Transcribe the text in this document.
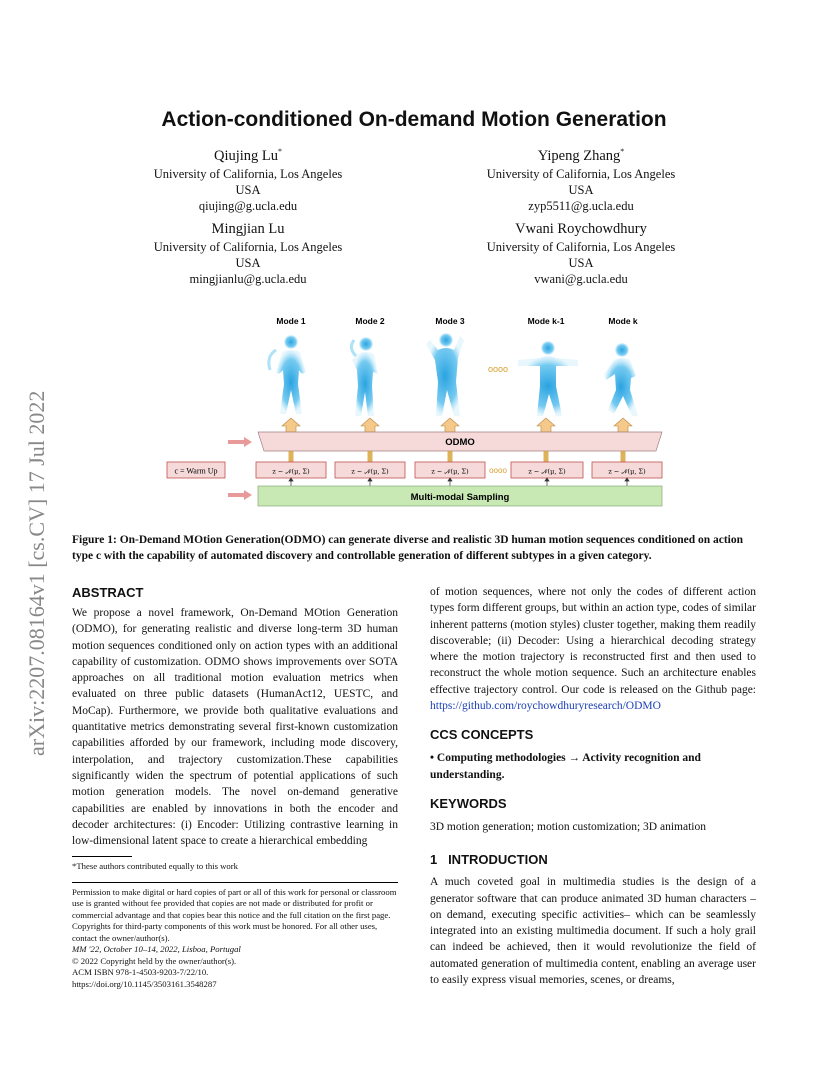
arXiv:2207.08164v1 [cs.CV] 17 Jul 2022
Action-conditioned On-demand Motion Generation
Qiujing Lu*
University of California, Los Angeles
USA
qiujing@g.ucla.edu
Yipeng Zhang*
University of California, Los Angeles
USA
zyp5511@g.ucla.edu
Mingjian Lu
University of California, Los Angeles
USA
mingjianlu@g.ucla.edu
Vwani Roychowdhury
University of California, Los Angeles
USA
vwani@g.ucla.edu
Mode 1	Mode 2	Mode 3	Mode k-1	Mode k
oooo
ODMO
c = Warm Up	z ~ 𝒩(μ, Σ)	z ~ 𝒩(μ, Σ)	z ~ 𝒩(μ, Σ)	oooo	z ~ 𝒩(μ, Σ)	z ~ 𝒩(μ, Σ)
Multi-modal Sampling
Figure 1: On-Demand MOtion Generation(ODMO) can generate diverse and realistic 3D human motion sequences conditioned on action type c with the capability of automated discovery and controllable generation of different subtypes in a given category.
ABSTRACT

We propose a novel framework, On-Demand MOtion Generation (ODMO), for generating realistic and diverse long-term 3D human motion sequences conditioned only on action types with an additional capability of customization. ODMO shows improvements over SOTA approaches on all traditional motion evaluation metrics when evaluated on three public datasets (HumanAct12, UESTC, and MoCap). Furthermore, we provide both qualitative evaluations and quantitative metrics demonstrating several first-known customization capabilities afforded by our framework, including mode discovery, interpolation, and trajectory customization.These capabilities significantly widen the spectrum of potential applications of such motion generation models. The novel on-demand generative capabilities are enabled by innovations in both the encoder and decoder architectures: (i) Encoder: Utilizing contrastive learning in low-dimensional latent space to create a hierarchical embedding

*These authors contributed equally to this work
Permission to make digital or hard copies of part or all of this work for personal or classroom use is granted without fee provided that copies are not made or distributed for profit or commercial advantage and that copies bear this notice and the full citation on the first page. Copyrights for third-party components of this work must be honored. For all other uses, contact the owner/author(s).
MM '22, October 10–14, 2022, Lisboa, Portugal
© 2022 Copyright held by the owner/author(s).
ACM ISBN 978-1-4503-9203-7/22/10.
https://doi.org/10.1145/3503161.3548287

of motion sequences, where not only the codes of different action types form different groups, but within an action type, codes of similar inherent patterns (motion styles) cluster together, making them readily discoverable; (ii) Decoder: Using a hierarchical decoding strategy where the motion trajectory is reconstructed first and then used to reconstruct the whole motion sequence. Such an architecture enables effective trajectory control. Our code is released on the Github page: https://github.com/roychowdhuryresearch/ODMO

CCS CONCEPTS

• Computing methodologies → Activity recognition and understanding.

KEYWORDS

3D motion generation; motion customization; 3D animation

1   INTRODUCTION

A much coveted goal in multimedia studies is the design of a generator software that can produce animated 3D human characters –on demand, executing specific activities– which can be seamlessly integrated into an existing multimedia document. If such a holy grail can indeed be achieved, then it would revolutionize the field of automated generation of multimedia content, enabling an average user to easily express visual memories, scenes, or dreams,
